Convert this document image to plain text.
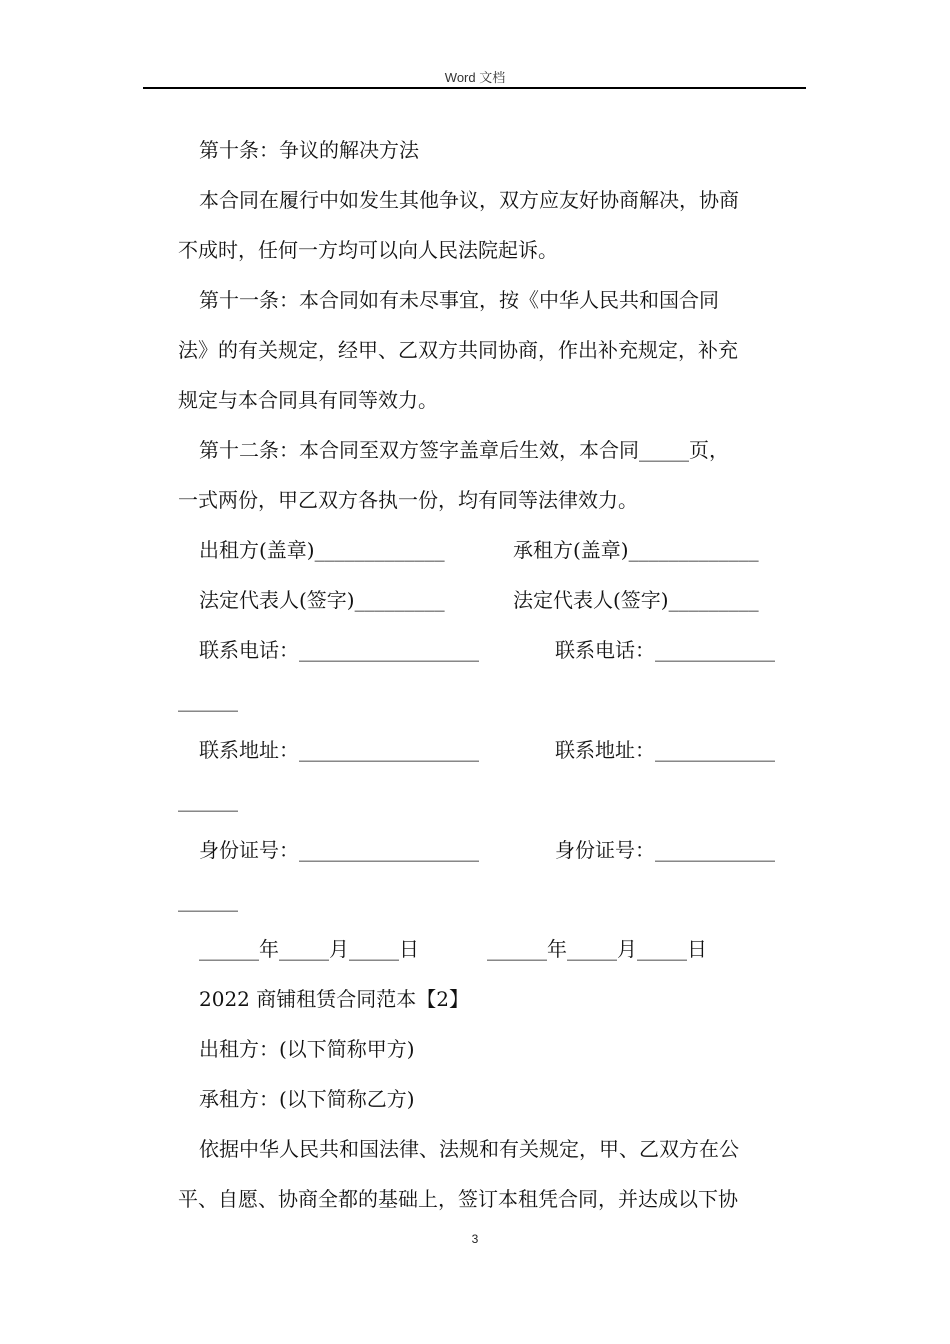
Word 文档
第十条：争议的解决方法
本合同在履行中如发生其他争议，双方应友好协商解决，协商
不成时，任何一方均可以向人民法院起诉。
第十一条：本合同如有未尽事宜，按《中华人民共和国合同
法》的有关规定，经甲、乙双方共同协商，作出补充规定，补充
规定与本合同具有同等效力。
第十二条：本合同至双方签字盖章后生效，本合同_____页，
一式两份，甲乙双方各执一份，均有同等法律效力。
出租方(盖章)_____________	承租方(盖章)_____________
法定代表人(签字)_________	法定代表人(签字)_________
联系电话：__________________	联系电话：____________
______
联系地址：__________________	联系地址：____________
______
身份证号：__________________	身份证号：____________
______
______年_____月_____日	______年_____月_____日
2022 商铺租赁合同范本【2】
出租方：(以下简称甲方)
承租方：(以下简称乙方)
依据中华人民共和国法律、法规和有关规定，甲、乙双方在公
平、自愿、协商全都的基础上，签订本租凭合同，并达成以下协
3
